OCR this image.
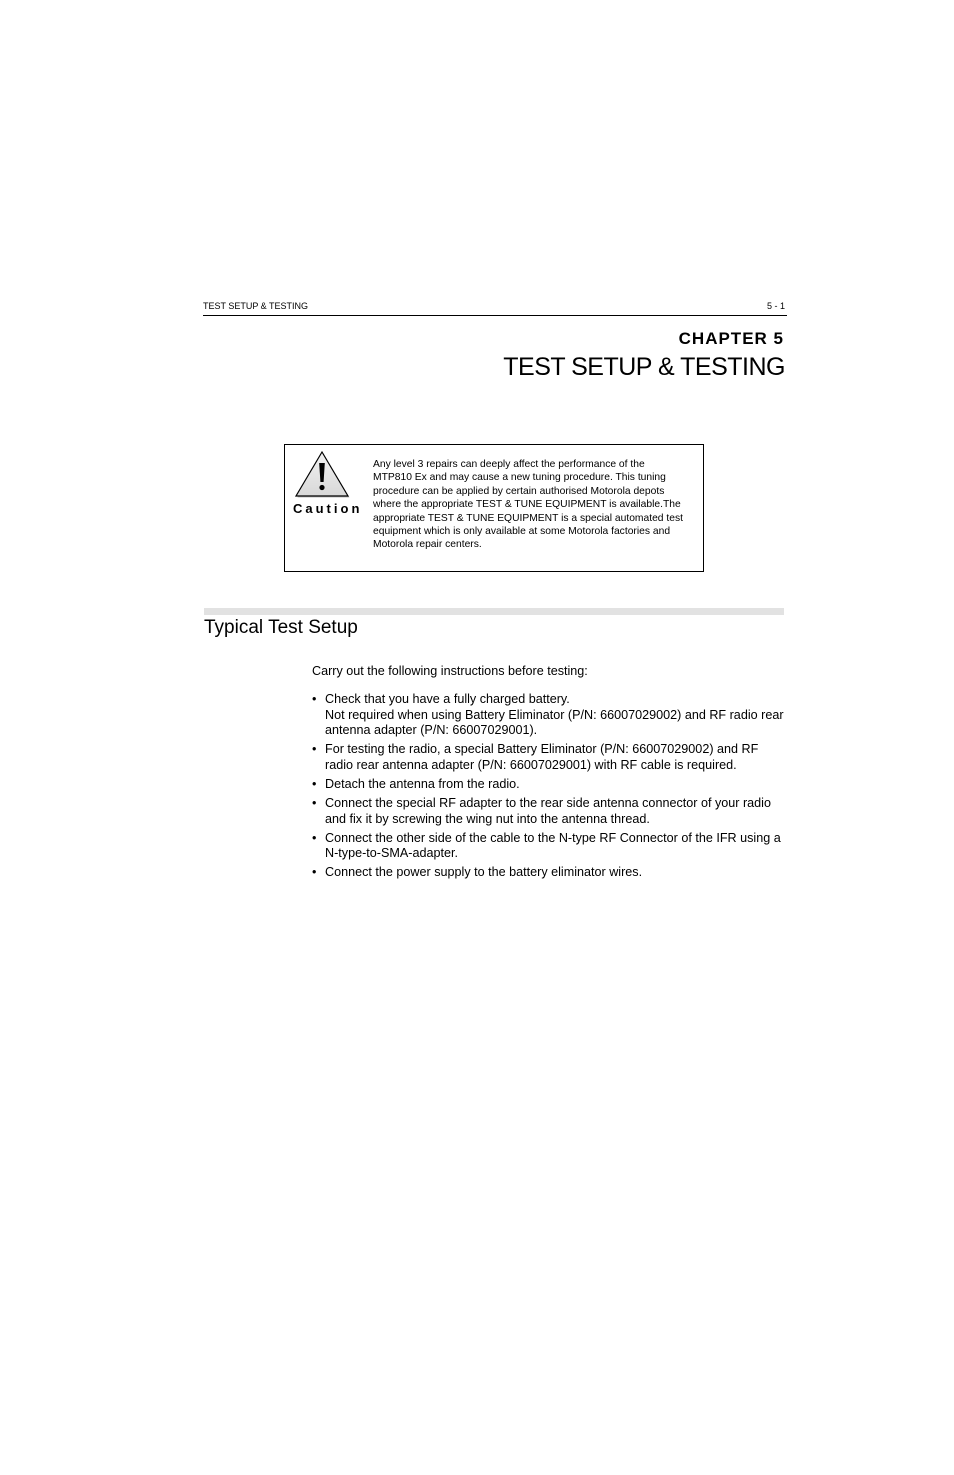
TEST SETUP & TESTING	5 - 1
CHAPTER 5
TEST SETUP & TESTING
Caution
Any level 3 repairs can deeply affect the performance of the MTP810 Ex and may cause a new tuning procedure. This tuning procedure can be applied by certain authorised Motorola depots where the appropriate TEST & TUNE EQUIPMENT is available.The appropriate TEST & TUNE EQUIPMENT is a special automated test equipment which is only available at some Motorola factories and Motorola repair centers.
Typical Test Setup
Carry out the following instructions before testing:
• Check that you have a fully charged battery.
Not required when using Battery Eliminator (P/N: 66007029002) and RF radio rear antenna adapter (P/N: 66007029001).
• For testing the radio, a special Battery Eliminator (P/N: 66007029002) and RF radio rear antenna adapter (P/N: 66007029001) with RF cable is required.
• Detach the antenna from the radio.
• Connect the special RF adapter to the rear side antenna connector of your radio and fix it by screwing the wing nut into the antenna thread.
• Connect the other side of the cable to the N-type RF Connector of the IFR using a N-type-to-SMA-adapter.
• Connect the power supply to the battery eliminator wires.
